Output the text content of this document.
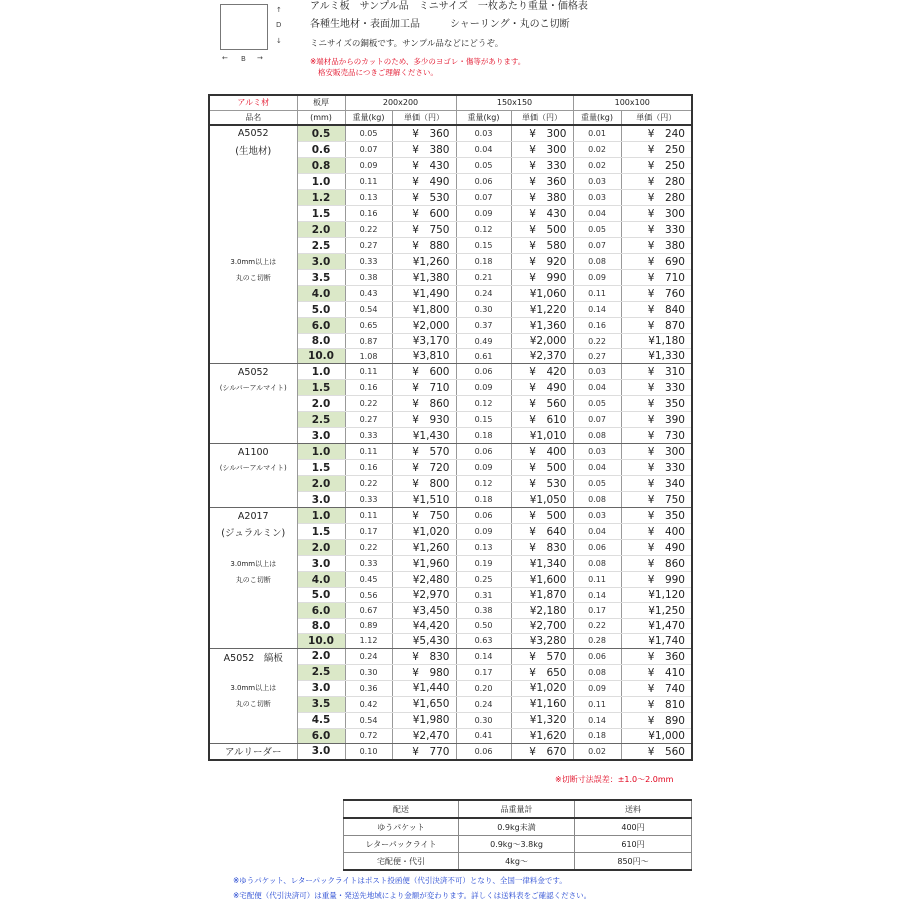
↑
D
↓
← B →
アルミ板　サンプル品　ミニサイズ　一枚あたり重量・価格表
各種生地材・表面加工品　　　シャーリング・丸のこ切断
ミニサイズの銅板です。サンプル品などにどうぞ。
※端材品からのカットのため、多少のヨゴレ・傷等があります。
格安販売品につきご理解ください。
アルミ材	板厚	200x200		150x150		100x100	
品名	(mm)	重量(kg)	単価（円）	重量(kg)	単価（円）	重量(kg)	単価（円）
A5052	0.5	0.05	¥　360	0.03	¥　300	0.01	¥　240
(生地材)	0.6	0.07	¥　380	0.04	¥　300	0.02	¥　250
	0.8	0.09	¥　430	0.05	¥　330	0.02	¥　250
	1.0	0.11	¥　490	0.06	¥　360	0.03	¥　280
	1.2	0.13	¥　530	0.07	¥　380	0.03	¥　280
	1.5	0.16	¥　600	0.09	¥　430	0.04	¥　300
	2.0	0.22	¥　750	0.12	¥　500	0.05	¥　330
	2.5	0.27	¥　880	0.15	¥　580	0.07	¥　380
3.0mm以上は	3.0	0.33	¥1,260	0.18	¥　920	0.08	¥　690
丸のこ切断	3.5	0.38	¥1,380	0.21	¥　990	0.09	¥　710
	4.0	0.43	¥1,490	0.24	¥1,060	0.11	¥　760
	5.0	0.54	¥1,800	0.30	¥1,220	0.14	¥　840
	6.0	0.65	¥2,000	0.37	¥1,360	0.16	¥　870
	8.0	0.87	¥3,170	0.49	¥2,000	0.22	¥1,180
	10.0	1.08	¥3,810	0.61	¥2,370	0.27	¥1,330
A5052	1.0	0.11	¥　600	0.06	¥　420	0.03	¥　310
(シルバーアルマイト)	1.5	0.16	¥　710	0.09	¥　490	0.04	¥　330
	2.0	0.22	¥　860	0.12	¥　560	0.05	¥　350
	2.5	0.27	¥　930	0.15	¥　610	0.07	¥　390
	3.0	0.33	¥1,430	0.18	¥1,010	0.08	¥　730
A1100	1.0	0.11	¥　570	0.06	¥　400	0.03	¥　300
(シルバーアルマイト)	1.5	0.16	¥　720	0.09	¥　500	0.04	¥　330
	2.0	0.22	¥　800	0.12	¥　530	0.05	¥　340
	3.0	0.33	¥1,510	0.18	¥1,050	0.08	¥　750
A2017	1.0	0.11	¥　750	0.06	¥　500	0.03	¥　350
(ジュラルミン)	1.5	0.17	¥1,020	0.09	¥　640	0.04	¥　400
	2.0	0.22	¥1,260	0.13	¥　830	0.06	¥　490
3.0mm以上は	3.0	0.33	¥1,960	0.19	¥1,340	0.08	¥　860
丸のこ切断	4.0	0.45	¥2,480	0.25	¥1,600	0.11	¥　990
	5.0	0.56	¥2,970	0.31	¥1,870	0.14	¥1,120
	6.0	0.67	¥3,450	0.38	¥2,180	0.17	¥1,250
	8.0	0.89	¥4,420	0.50	¥2,700	0.22	¥1,470
	10.0	1.12	¥5,430	0.63	¥3,280	0.28	¥1,740
A5052　縞板	2.0	0.24	¥　830	0.14	¥　570	0.06	¥　360
	2.5	0.30	¥　980	0.17	¥　650	0.08	¥　410
3.0mm以上は	3.0	0.36	¥1,440	0.20	¥1,020	0.09	¥　740
丸のこ切断	3.5	0.42	¥1,650	0.24	¥1,160	0.11	¥　810
	4.5	0.54	¥1,980	0.30	¥1,320	0.14	¥　890
	6.0	0.72	¥2,470	0.41	¥1,620	0.18	¥1,000
アルリーダー	3.0	0.10	¥　770	0.06	¥　670	0.02	¥　560
※切断寸法誤差：±1.0～2.0mm
配送	品重量計	送料
ゆうパケット	0.9kg未満	400円
レターパックライト	0.9kg～3.8kg	610円
宅配便・代引	4kg～	850円～
※ゆうパケット、レターパックライトはポスト投函便（代引決済不可）となり、全国一律料金です。
※宅配便（代引決済可）は重量・発送先地域により金額が変わります。詳しくは送料表をご確認ください。
